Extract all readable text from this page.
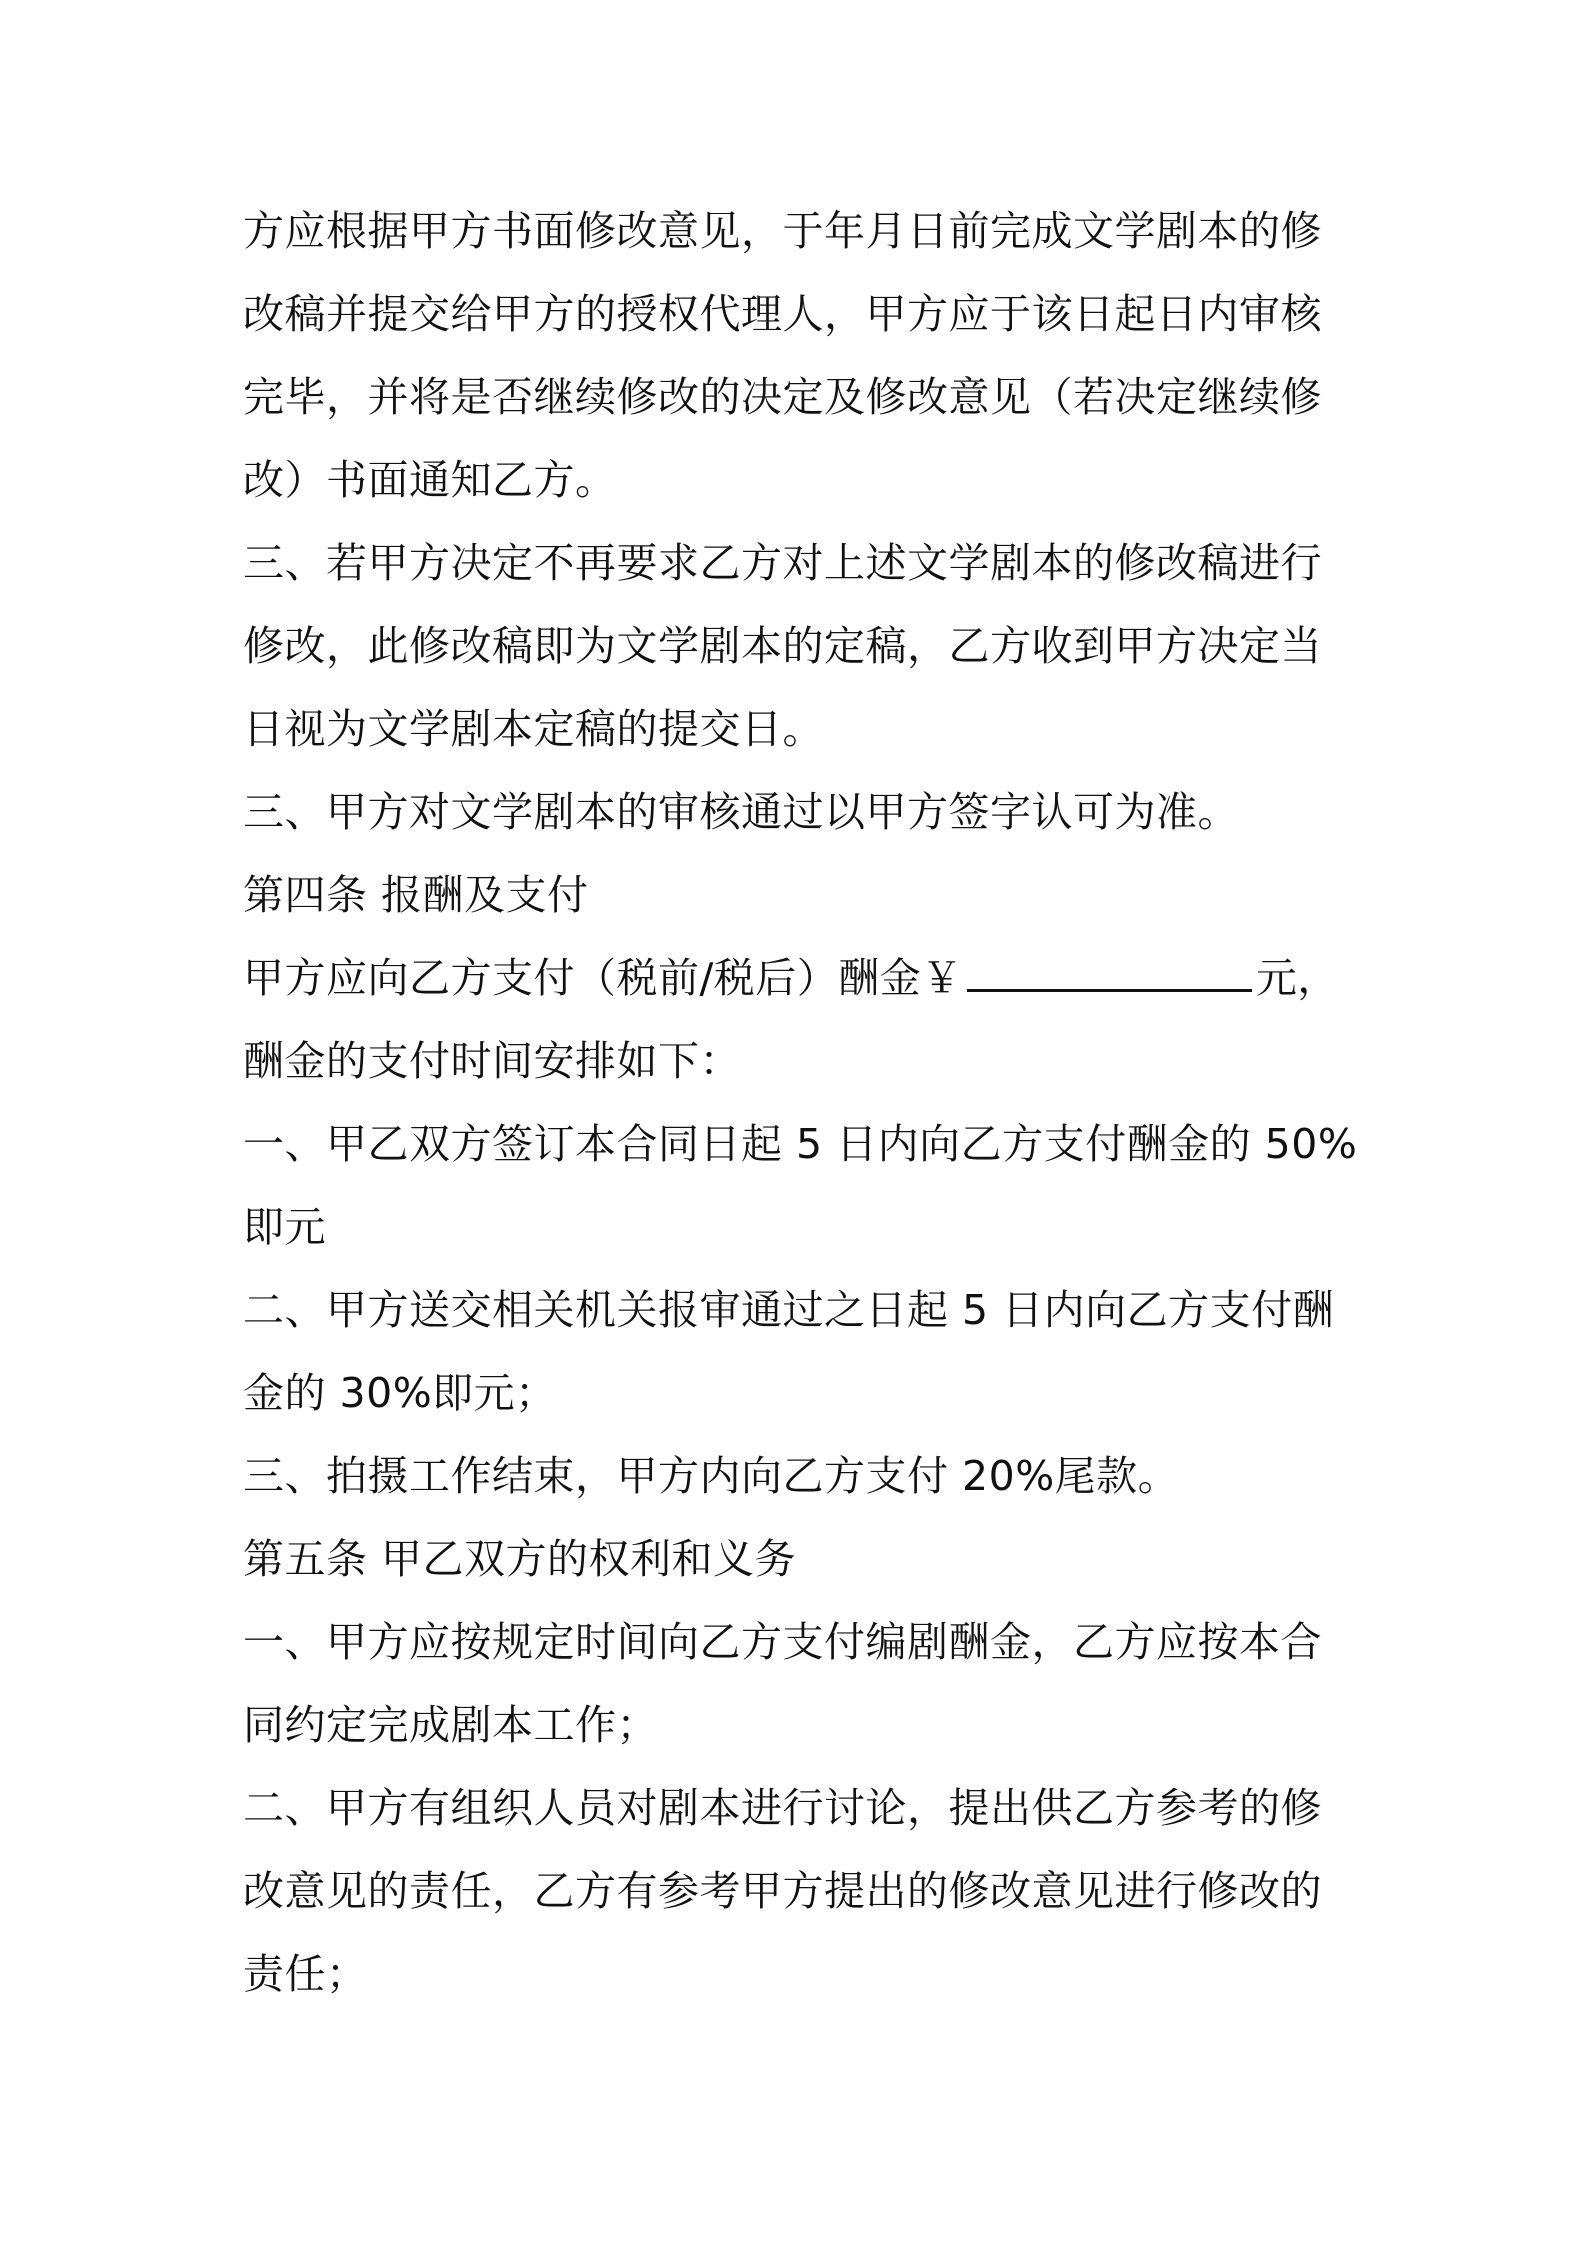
方应根据甲方书面修改意见，于年月日前完成文学剧本的修
改稿并提交给甲方的授权代理人，甲方应于该日起日内审核
完毕，并将是否继续修改的决定及修改意见（若决定继续修
改）书面通知乙方。
三、若甲方决定不再要求乙方对上述文学剧本的修改稿进行
修改，此修改稿即为文学剧本的定稿，乙方收到甲方决定当
日视为文学剧本定稿的提交日。
三、甲方对文学剧本的审核通过以甲方签字认可为准。
第四条 报酬及支付
甲方应向乙方支付（税前/税后）酬金￥	元，
酬金的支付时间安排如下：
一、甲乙双方签订本合同日起 5 日内向乙方支付酬金的 50%
即元
二、甲方送交相关机关报审通过之日起 5 日内向乙方支付酬
金的 30%即元；
三、拍摄工作结束，甲方内向乙方支付 20%尾款。
第五条 甲乙双方的权利和义务
一、甲方应按规定时间向乙方支付编剧酬金，乙方应按本合
同约定完成剧本工作；
二、甲方有组织人员对剧本进行讨论，提出供乙方参考的修
改意见的责任，乙方有参考甲方提出的修改意见进行修改的
责任；
